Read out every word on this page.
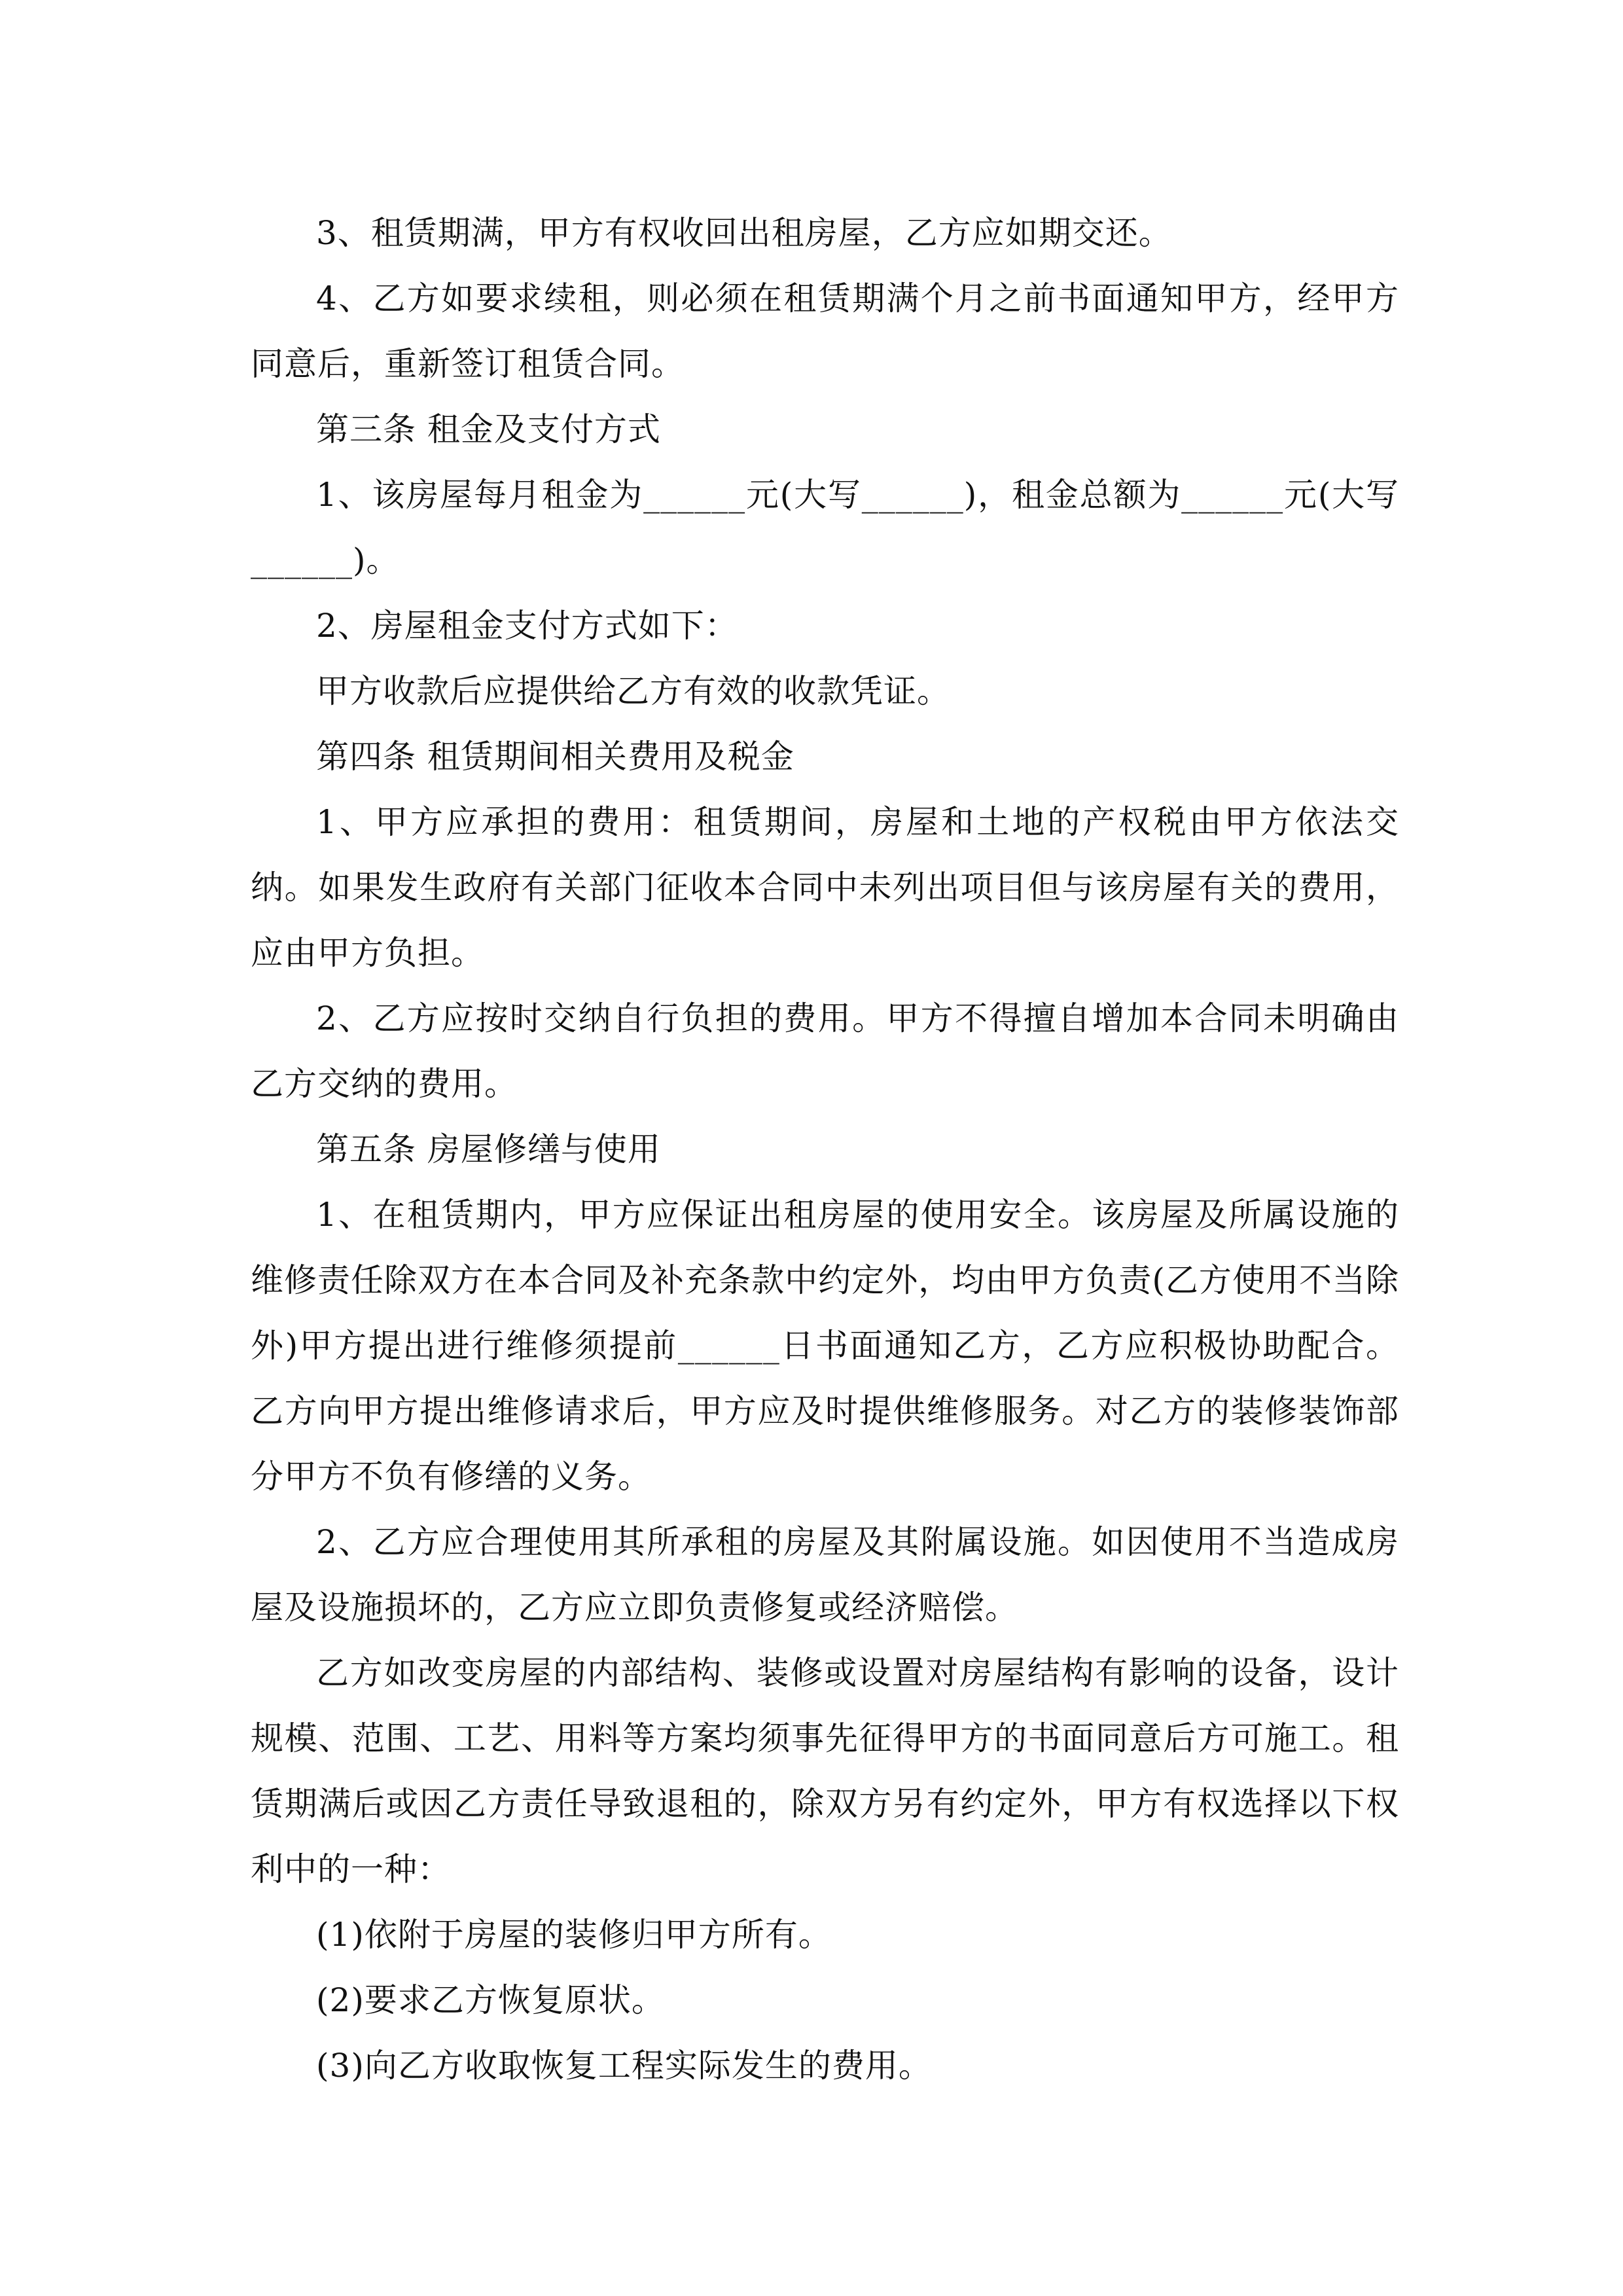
3、租赁期满，甲方有权收回出租房屋，乙方应如期交还。

4、乙方如要求续租，则必须在租赁期满个月之前书面通知甲方，经甲方同意后，重新签订租赁合同。

第三条 租金及支付方式

1、该房屋每月租金为______元(大写______)，租金总额为______元(大写______)。

2、房屋租金支付方式如下：

甲方收款后应提供给乙方有效的收款凭证。

第四条 租赁期间相关费用及税金

1、甲方应承担的费用：租赁期间，房屋和土地的产权税由甲方依法交纳。如果发生政府有关部门征收本合同中未列出项目但与该房屋有关的费用，应由甲方负担。

2、乙方应按时交纳自行负担的费用。甲方不得擅自增加本合同未明确由乙方交纳的费用。

第五条 房屋修缮与使用

1、在租赁期内，甲方应保证出租房屋的使用安全。该房屋及所属设施的维修责任除双方在本合同及补充条款中约定外，均由甲方负责(乙方使用不当除外)甲方提出进行维修须提前______日书面通知乙方，乙方应积极协助配合。乙方向甲方提出维修请求后，甲方应及时提供维修服务。对乙方的装修装饰部分甲方不负有修缮的义务。

2、乙方应合理使用其所承租的房屋及其附属设施。如因使用不当造成房屋及设施损坏的，乙方应立即负责修复或经济赔偿。

乙方如改变房屋的内部结构、装修或设置对房屋结构有影响的设备，设计规模、范围、工艺、用料等方案均须事先征得甲方的书面同意后方可施工。租赁期满后或因乙方责任导致退租的，除双方另有约定外，甲方有权选择以下权利中的一种：

(1)依附于房屋的装修归甲方所有。

(2)要求乙方恢复原状。

(3)向乙方收取恢复工程实际发生的费用。
